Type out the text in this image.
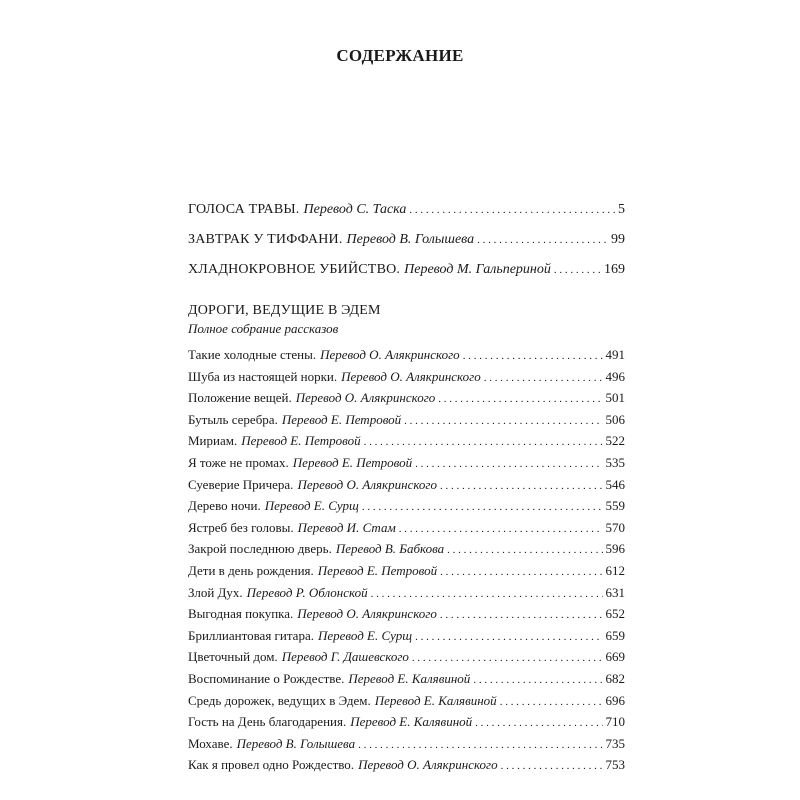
СОДЕРЖАНИЕ
ГОЛОСА ТРАВЫ. Перевод С. Таска . . .	5
ЗАВТРАК У ТИФФАНИ. Перевод В. Голышева . . .	99
ХЛАДНОКРОВНОЕ УБИЙСТВО. Перевод М. Гальпериной . . .	169
ДОРОГИ, ВЕДУЩИЕ В ЭДЕМ
Полное собрание рассказов
Такие холодные стены. Перевод О. Алякринского . . .	491
Шуба из настоящей норки. Перевод О. Алякринского . . .	496
Положение вещей. Перевод О. Алякринского . . .	501
Бутыль серебра. Перевод Е. Петровой . . .	506
Мириам. Перевод Е. Петровой . . .	522
Я тоже не промах. Перевод Е. Петровой . . .	535
Суеверие Причера. Перевод О. Алякринского . . .	546
Дерево ночи. Перевод Е. Сурщ . . .	559
Ястреб без головы. Перевод И. Стам . . .	570
Закрой последнюю дверь. Перевод В. Бабкова . . .	596
Дети в день рождения. Перевод Е. Петровой . . .	612
Злой Дух. Перевод Р. Облонской . . .	631
Выгодная покупка. Перевод О. Алякринского . . .	652
Бриллиантовая гитара. Перевод Е. Сурщ . . .	659
Цветочный дом. Перевод Г. Дашевского . . .	669
Воспоминание о Рождестве. Перевод Е. Калявиной . . .	682
Средь дорожек, ведущих в Эдем. Перевод Е. Калявиной . . .	696
Гость на День благодарения. Перевод Е. Калявиной . . .	710
Мохаве. Перевод В. Голышева . . .	735
Как я провел одно Рождество. Перевод О. Алякринского . . .	753
